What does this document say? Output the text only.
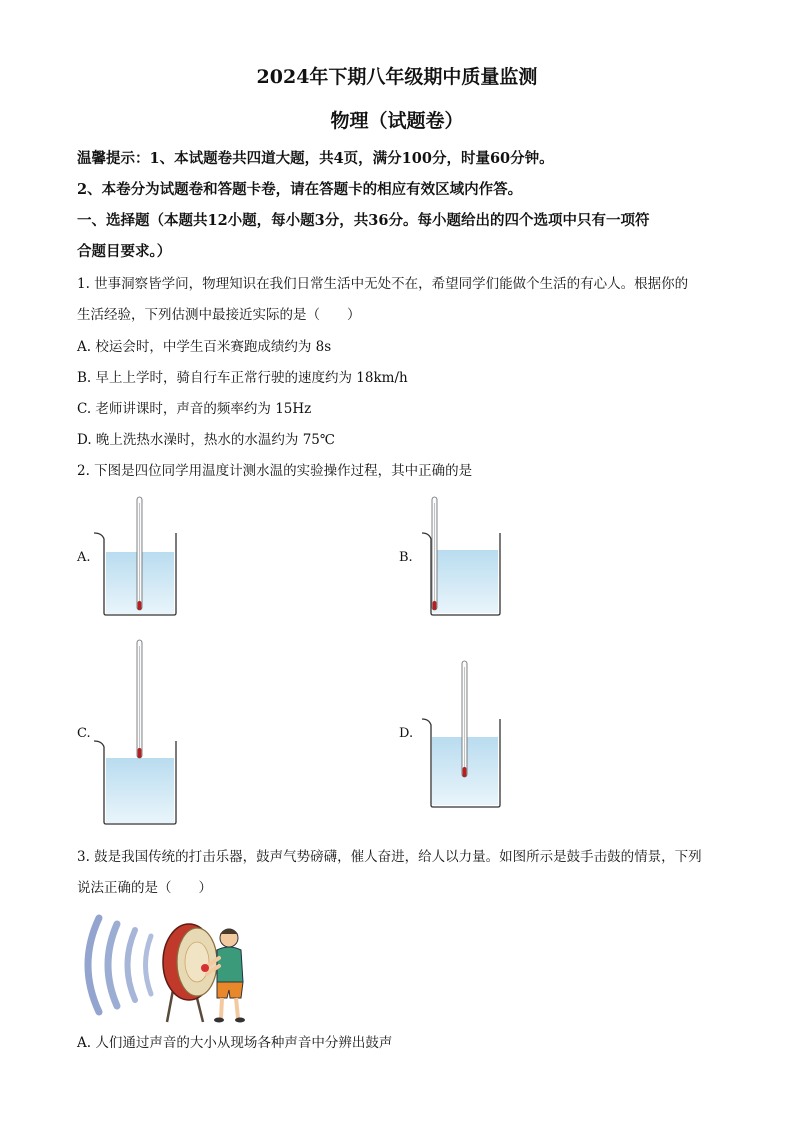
2024年下期八年级期中质量监测
物理（试题卷）
温馨提示：1、本试题卷共四道大题，共4页，满分100分，时量60分钟。
2、本卷分为试题卷和答题卡卷，请在答题卡的相应有效区域内作答。
一、选择题（本题共12小题，每小题3分，共36分。每小题给出的四个选项中只有一项符
合题目要求。）
1. 世事洞察皆学问，物理知识在我们日常生活中无处不在，希望同学们能做个生活的有心人。根据你的
生活经验，下列估测中最接近实际的是（　　）
A. 校运会时，中学生百米赛跑成绩约为 8s
B. 早上上学时，骑自行车正常行驶的速度约为 18km/h
C. 老师讲课时，声音的频率约为 15Hz
D. 晚上洗热水澡时，热水的水温约为 75℃
2. 下图是四位同学用温度计测水温的实验操作过程，其中正确的是
A.	B.
C.	D.
3. 鼓是我国传统的打击乐器，鼓声气势磅礴，催人奋进，给人以力量。如图所示是鼓手击鼓的情景，下列
说法正确的是（　　）
A. 人们通过声音的大小从现场各种声音中分辨出鼓声
